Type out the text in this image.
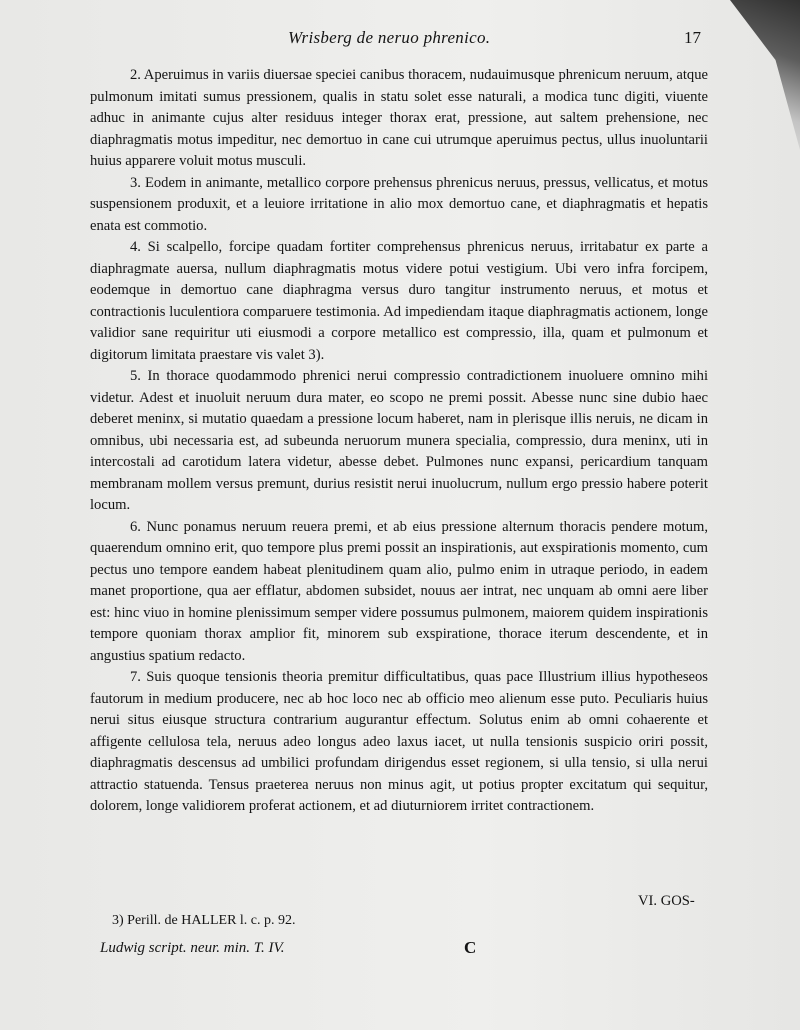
Wrisberg de neruo phrenico.	17

2. Aperuimus in variis diuersae speciei canibus thoracem, nudauimusque phrenicum neruum, atque pulmonum imitati sumus pressionem, qualis in statu solet esse naturali, a modica tunc digiti, viuente adhuc in animante cujus alter residuus integer thorax erat, pressione, aut saltem prehensione, nec diaphragmatis motus impeditur, nec demortuo in cane cui utrumque aperuimus pectus, ullus inuoluntarii huius apparere voluit motus musculi.

3. Eodem in animante, metallico corpore prehensus phrenicus neruus, pressus, vellicatus, et motus suspensionem produxit, et a leuiore irritatione in alio mox demortuo cane, et diaphragmatis et hepatis enata est commotio.

4. Si scalpello, forcipe quadam fortiter comprehensus phrenicus neruus, irritabatur ex parte a diaphragmate auersa, nullum diaphragmatis motus videre potui vestigium. Ubi vero infra forcipem, eodemque in demortuo cane diaphragma versus duro tangitur instrumento neruus, et motus et contractionis luculentiora comparuere testimonia. Ad impediendam itaque diaphragmatis actionem, longe validior sane requiritur uti eiusmodi a corpore metallico est compressio, illa, quam et pulmonum et digitorum limitata praestare vis valet 3).

5. In thorace quodammodo phrenici nerui compressio contradictionem inuoluere omnino mihi videtur. Adest et inuoluit neruum dura mater, eo scopo ne premi possit. Abesse nunc sine dubio haec deberet meninx, si mutatio quaedam a pressione locum haberet, nam in plerisque illis neruis, ne dicam in omnibus, ubi necessaria est, ad subeunda neruorum munera specialia, compressio, dura meninx, uti in intercostali ad carotidum latera videtur, abesse debet. Pulmones nunc expansi, pericardium tanquam membranam mollem versus premunt, durius resistit nerui inuolucrum, nullum ergo pressio habere poterit locum.

6. Nunc ponamus neruum reuera premi, et ab eius pressione alternum thoracis pendere motum, quaerendum omnino erit, quo tempore plus premi possit an inspirationis, aut exspirationis momento, cum pectus uno tempore eandem habeat plenitudinem quam alio, pulmo enim in utraque periodo, in eadem manet proportione, qua aer efflatur, abdomen subsidet, nouus aer intrat, nec unquam ab omni aere liber est: hinc viuo in homine plenissimum semper videre possumus pulmonem, maiorem quidem inspirationis tempore quoniam thorax amplior fit, minorem sub exspiratione, thorace iterum descendente, et in angustius spatium redacto.

7. Suis quoque tensionis theoria premitur difficultatibus, quas pace Illustrium illius hypotheseos fautorum in medium producere, nec ab hoc loco nec ab officio meo alienum esse puto. Peculiaris huius nerui situs eiusque structura contrarium augurantur effectum. Solutus enim ab omni cohaerente et affigente cellulosa tela, neruus adeo longus adeo laxus iacet, ut nulla tensionis suspicio oriri possit, diaphragmatis descensus ad umbilici profundam dirigendus esset regionem, si ulla tensio, si ulla nerui attractio statuenda. Tensus praeterea neruus non minus agit, ut potius propter excitatum qui sequitur, dolorem, longe validiorem proferat actionem, et ad diuturniorem irritet contractionem.

VI. GOS-
3) Perill. de HALLER l. c. p. 92.
Ludwig script. neur. min. T. IV.	C
